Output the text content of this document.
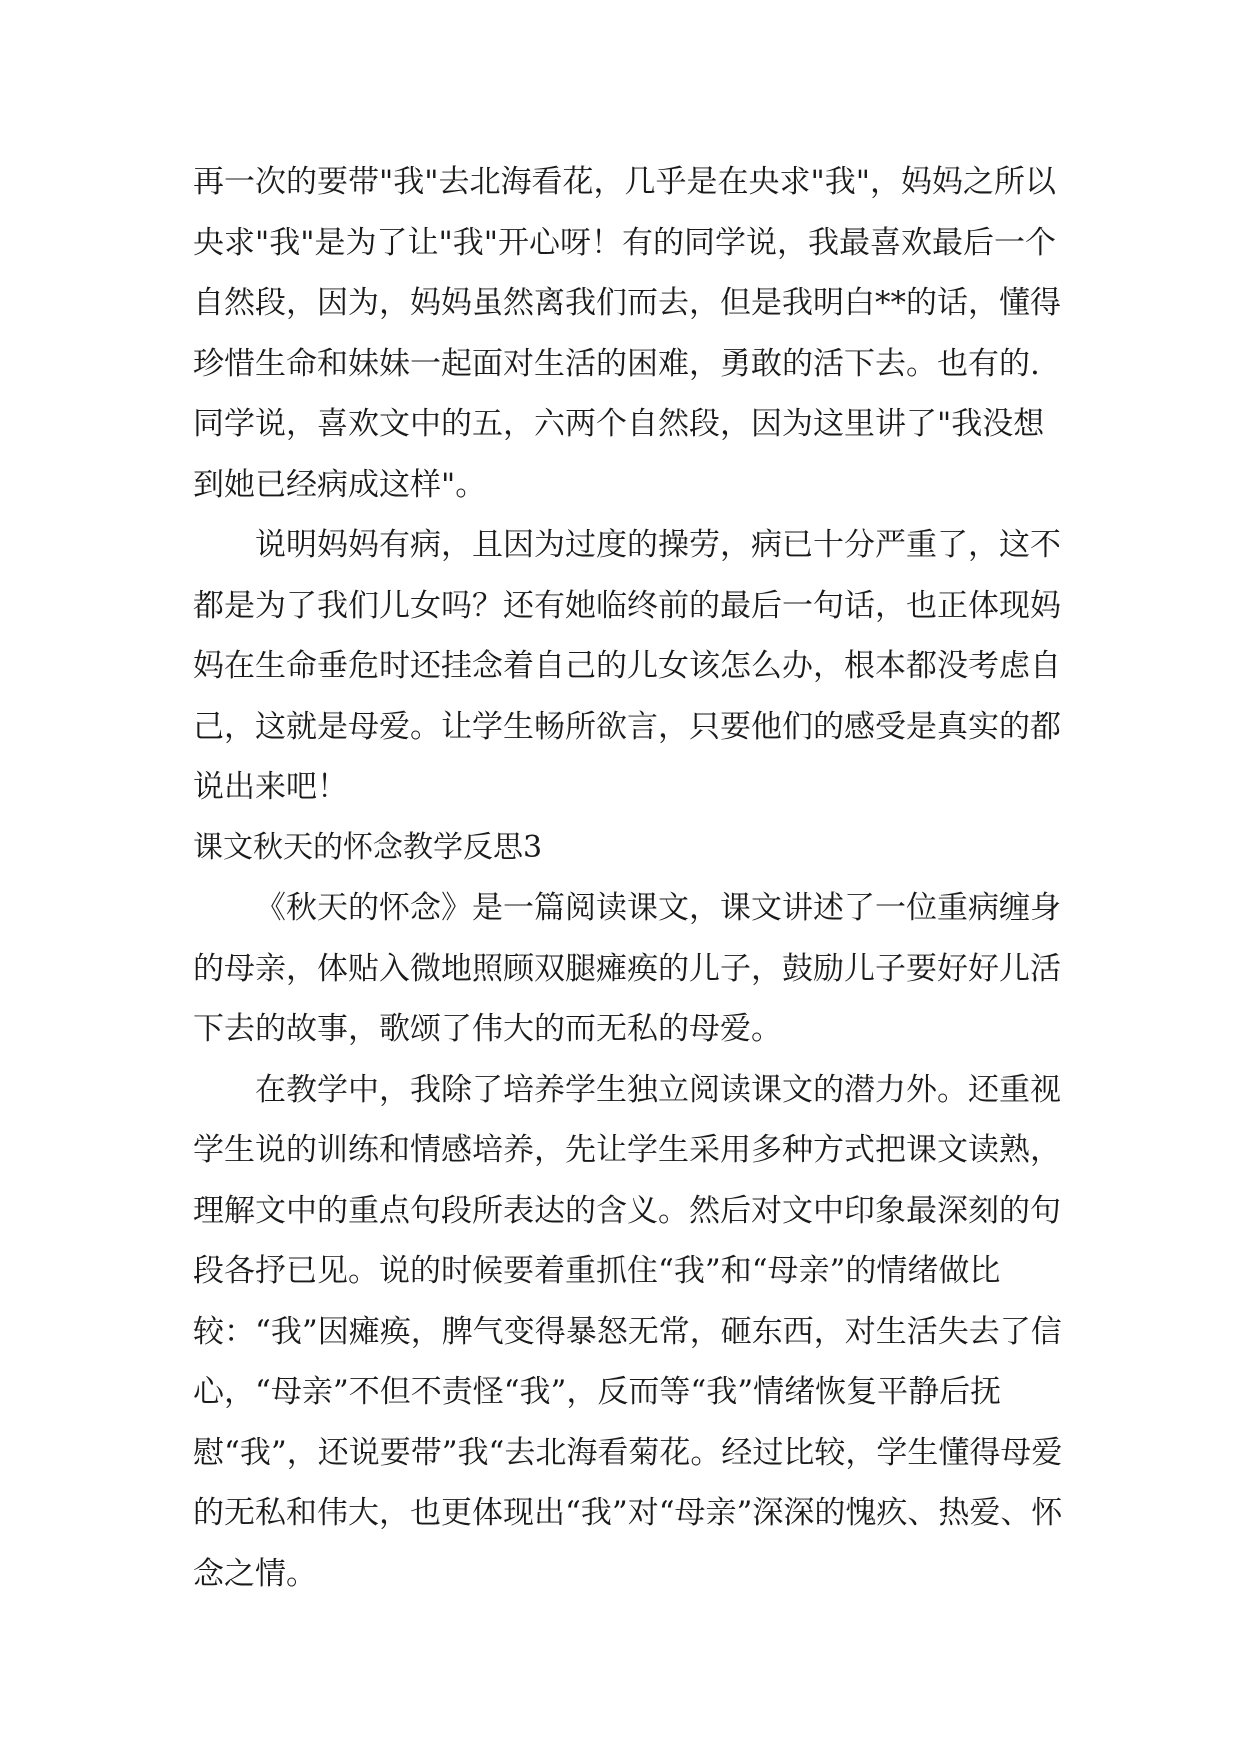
再一次的要带"我"去北海看花，几乎是在央求"我"，妈妈之所以央求"我"是为了让"我"开心呀！有的同学说，我最喜欢最后一个自然段，因为，妈妈虽然离我们而去，但是我明白**的话，懂得珍惜生命和妹妹一起面对生活的困难，勇敢的活下去。也有的.同学说，喜欢文中的五，六两个自然段，因为这里讲了"我没想到她已经病成这样"。

说明妈妈有病，且因为过度的操劳，病已十分严重了，这不都是为了我们儿女吗？还有她临终前的最后一句话，也正体现妈妈在生命垂危时还挂念着自己的儿女该怎么办，根本都没考虑自己，这就是母爱。让学生畅所欲言，只要他们的感受是真实的都说出来吧！

课文秋天的怀念教学反思3

《秋天的怀念》是一篇阅读课文，课文讲述了一位重病缠身的母亲，体贴入微地照顾双腿瘫痪的儿子，鼓励儿子要好好儿活下去的故事，歌颂了伟大的而无私的母爱。

在教学中，我除了培养学生独立阅读课文的潜力外。还重视学生说的训练和情感培养，先让学生采用多种方式把课文读熟，理解文中的重点句段所表达的含义。然后对文中印象最深刻的句段各抒已见。说的时候要着重抓住“我”和“母亲”的情绪做比较：“我”因瘫痪，脾气变得暴怒无常，砸东西，对生活失去了信心，“母亲”不但不责怪“我”，反而等“我”情绪恢复平静后抚慰“我”，还说要带”我“去北海看菊花。经过比较，学生懂得母爱的无私和伟大，也更体现出“我”对“母亲”深深的愧疚、热爱、怀念之情。
